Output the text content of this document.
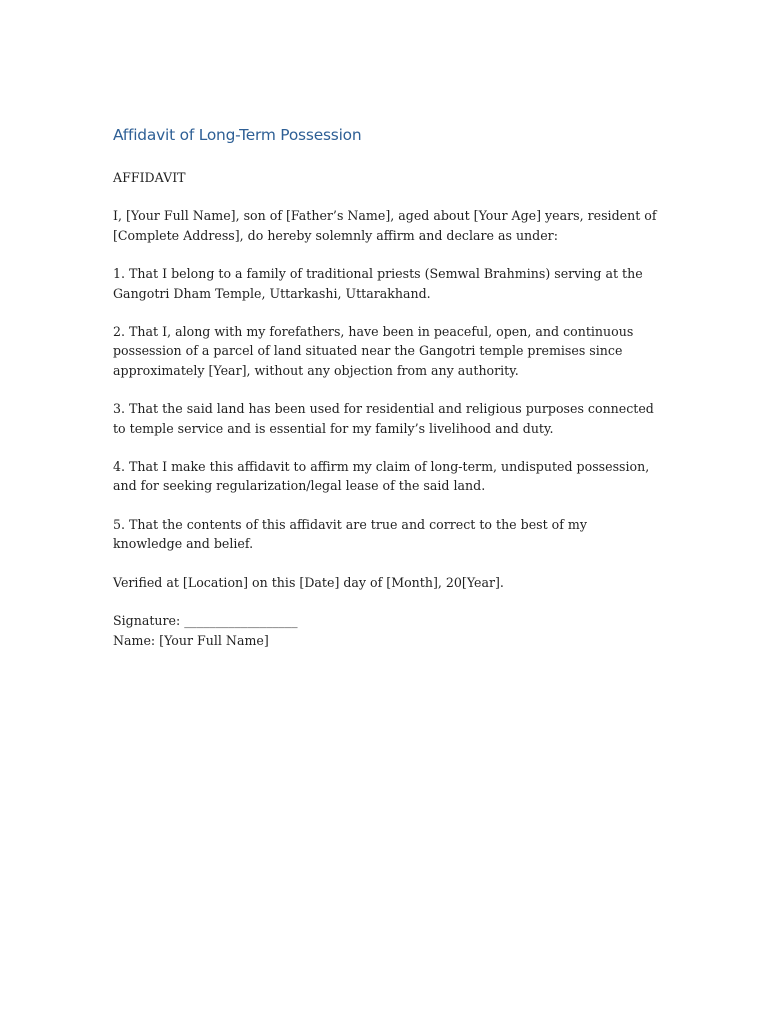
Affidavit of Long-Term Possession

AFFIDAVIT

I, [Your Full Name], son of [Father’s Name], aged about [Your Age] years, resident of [Complete Address], do hereby solemnly affirm and declare as under:

1. That I belong to a family of traditional priests (Semwal Brahmins) serving at the Gangotri Dham Temple, Uttarkashi, Uttarakhand.

2. That I, along with my forefathers, have been in peaceful, open, and continuous possession of a parcel of land situated near the Gangotri temple premises since approximately [Year], without any objection from any authority.

3. That the said land has been used for residential and religious purposes connected to temple service and is essential for my family’s livelihood and duty.

4. That I make this affidavit to affirm my claim of long-term, undisputed possession, and for seeking regularization/legal lease of the said land.

5. That the contents of this affidavit are true and correct to the best of my knowledge and belief.

Verified at [Location] on this [Date] day of [Month], 20[Year].

Signature: __________________

Name: [Your Full Name]
